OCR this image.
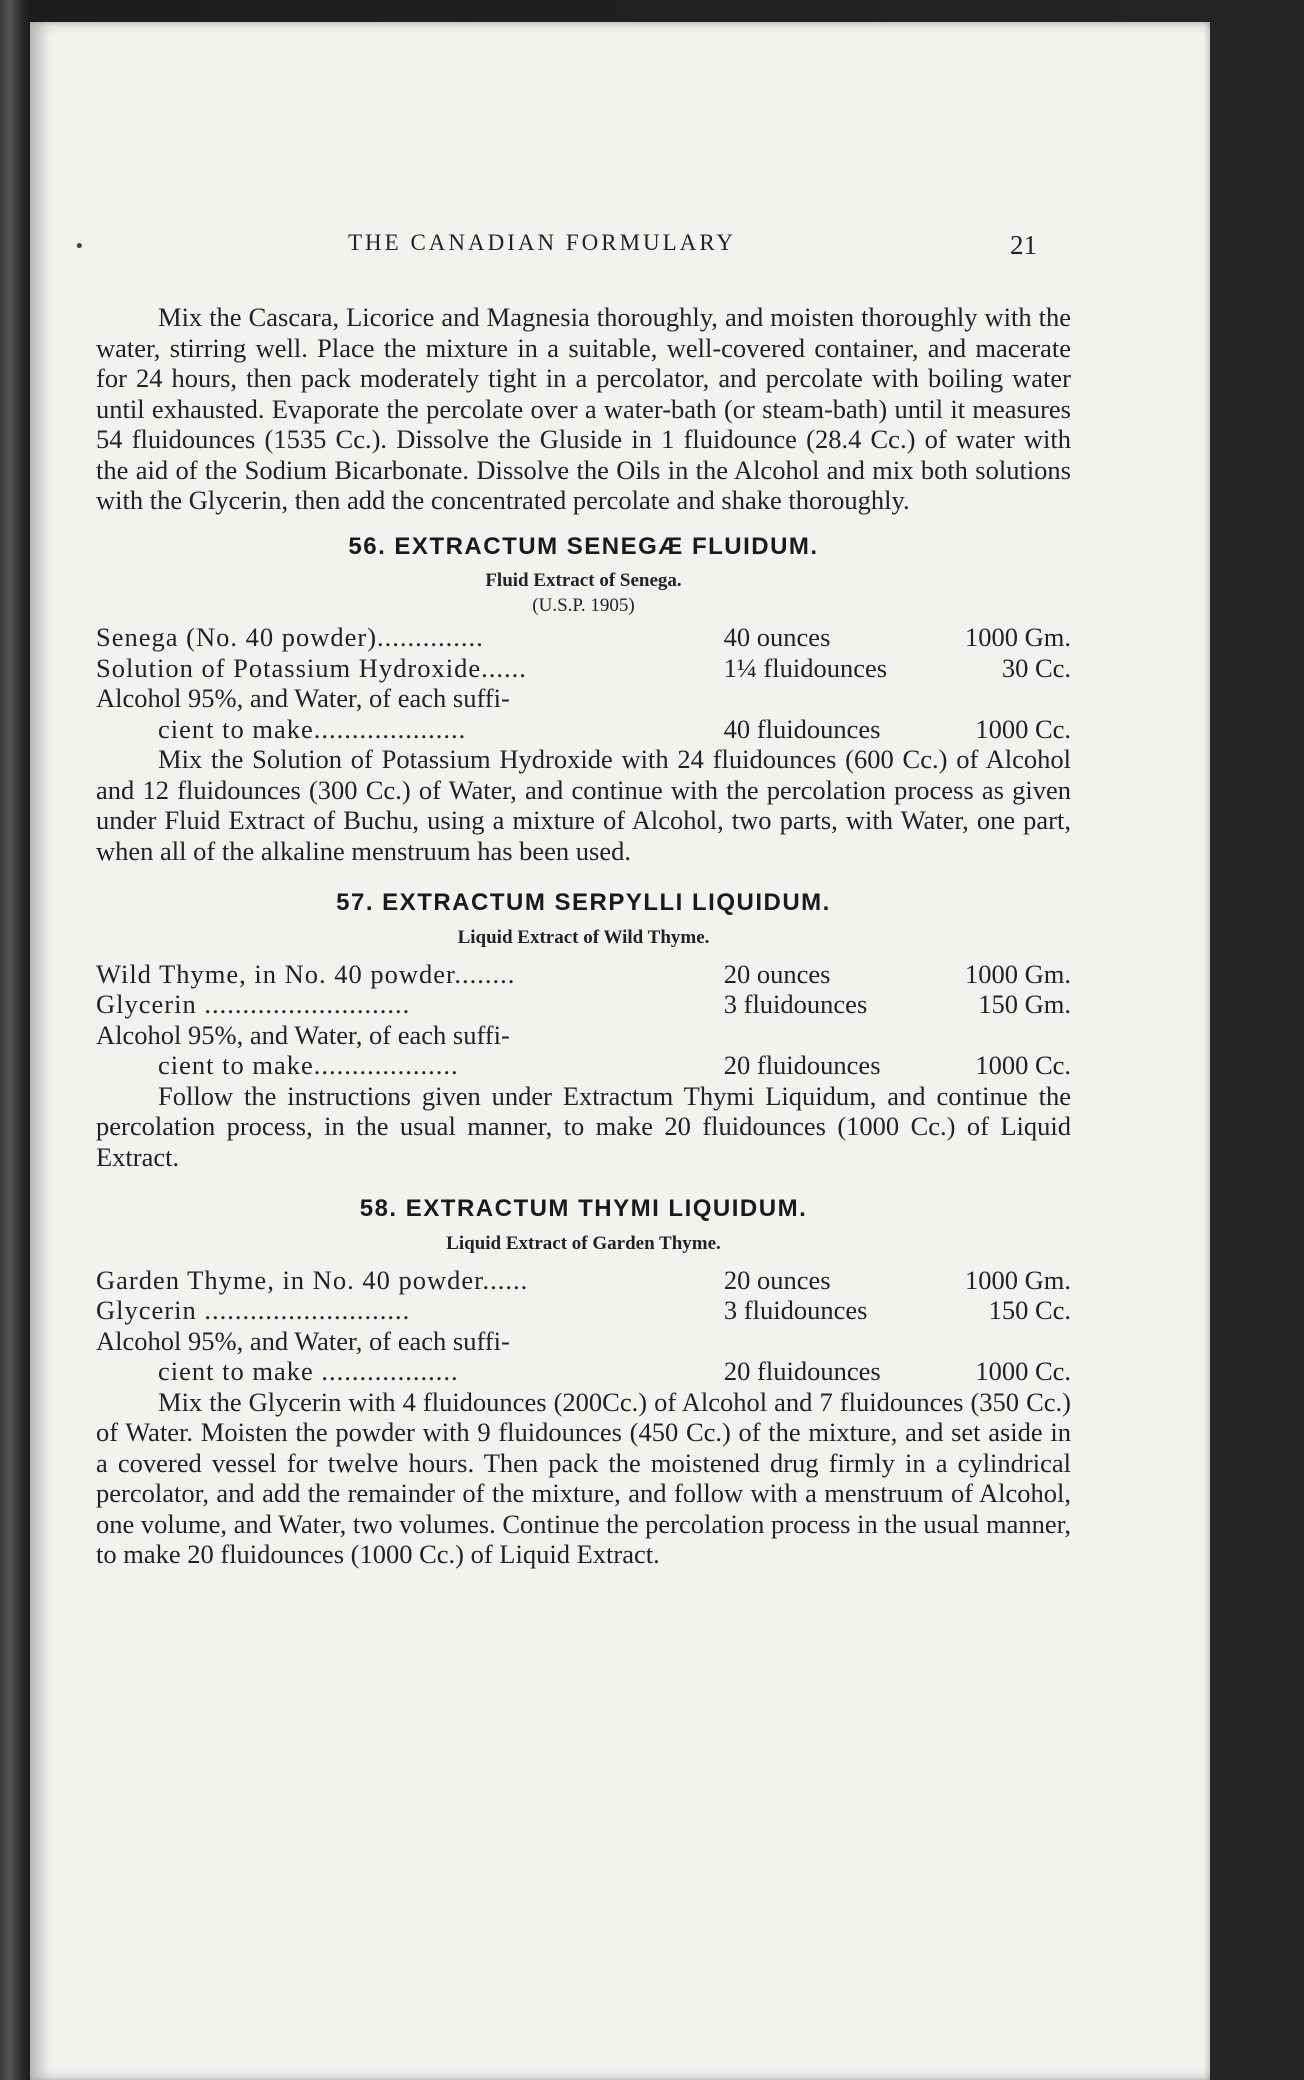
•	THE CANADIAN FORMULARY	21

Mix the Cascara, Licorice and Magnesia thoroughly, and moisten thoroughly with the water, stirring well. Place the mixture in a suitable, well-covered container, and macerate for 24 hours, then pack moderately tight in a percolator, and percolate with boiling water until exhausted. Evaporate the percolate over a water-bath (or steam-bath) until it measures 54 fluidounces (1535 Cc.). Dissolve the Gluside in 1 fluidounce (28.4 Cc.) of water with the aid of the Sodium Bicarbonate. Dissolve the Oils in the Alcohol and mix both solutions with the Glycerin, then add the concentrated percolate and shake thoroughly.

56. EXTRACTUM SENEGÆ FLUIDUM.
Fluid Extract of Senega.
(U.S.P. 1905)
Senega (No. 40 powder)..............	40 ounces	1000 Gm.
Solution of Potassium Hydroxide......	1¼ fluidounces	30 Cc.
Alcohol 95%, and Water, of each suffi-		
cient to make....................	40 fluidounces	1000 Cc.

Mix the Solution of Potassium Hydroxide with 24 fluidounces (600 Cc.) of Alcohol and 12 fluidounces (300 Cc.) of Water, and continue with the percolation process as given under Fluid Extract of Buchu, using a mixture of Alcohol, two parts, with Water, one part, when all of the alkaline menstruum has been used.

57. EXTRACTUM SERPYLLI LIQUIDUM.
Liquid Extract of Wild Thyme.
Wild Thyme, in No. 40 powder........	20 ounces	1000 Gm.
Glycerin ...........................	3 fluidounces	150 Gm.
Alcohol 95%, and Water, of each suffi-		
cient to make...................	20 fluidounces	1000 Cc.

Follow the instructions given under Extractum Thymi Liquidum, and continue the percolation process, in the usual manner, to make 20 fluidounces (1000 Cc.) of Liquid Extract.

58. EXTRACTUM THYMI LIQUIDUM.
Liquid Extract of Garden Thyme.
Garden Thyme, in No. 40 powder......	20 ounces	1000 Gm.
Glycerin ...........................	3 fluidounces	150 Cc.
Alcohol 95%, and Water, of each suffi-		
cient to make ..................	20 fluidounces	1000 Cc.

Mix the Glycerin with 4 fluidounces (200Cc.) of Alcohol and 7 fluidounces (350 Cc.) of Water. Moisten the powder with 9 fluidounces (450 Cc.) of the mixture, and set aside in a covered vessel for twelve hours. Then pack the moistened drug firmly in a cylindrical percolator, and add the remainder of the mixture, and follow with a menstruum of Alcohol, one volume, and Water, two volumes. Continue the percolation process in the usual manner, to make 20 fluidounces (1000 Cc.) of Liquid Extract.
